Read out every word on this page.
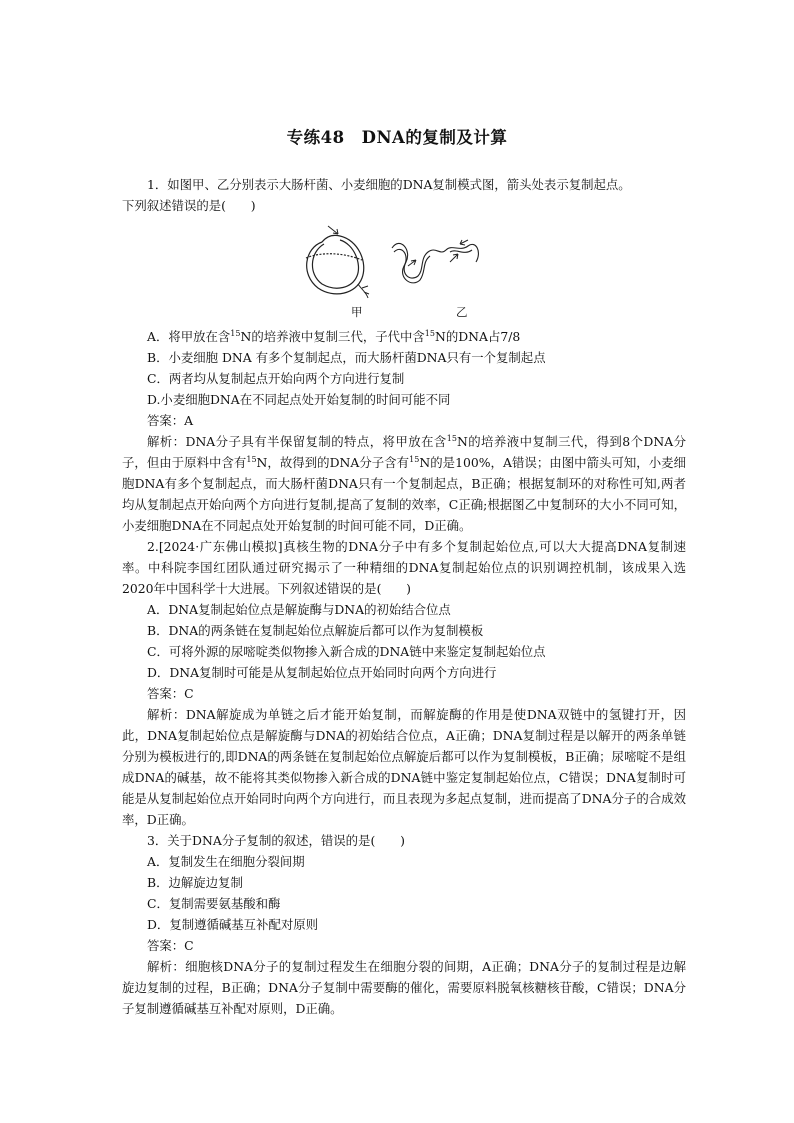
专练48　DNA的复制及计算

1．如图甲、乙分别表示大肠杆菌、小麦细胞的DNA复制模式图，箭头处表示复制起点。

下列叙述错误的是(　　)

甲	乙

A．将甲放在含$^{15}$N的培养液中复制三代，子代中含$^{15}$N的DNA占7/8

B．小麦细胞 DNA 有多个复制起点，而大肠杆菌DNA只有一个复制起点

C．两者均从复制起点开始向两个方向进行复制

D.小麦细胞DNA在不同起点处开始复制的时间可能不同

答案：A

解析：DNA分子具有半保留复制的特点，将甲放在含$^{15}$N的培养液中复制三代，得到8个DNA分子，但由于原料中含有$^{15}$N，故得到的DNA分子含有$^{15}$N的是100%，A错误；由图中箭头可知，小麦细胞DNA有多个复制起点，而大肠杆菌DNA只有一个复制起点，B正确；根据复制环的对称性可知,两者均从复制起点开始向两个方向进行复制,提高了复制的效率，C正确;根据图乙中复制环的大小不同可知，小麦细胞DNA在不同起点处开始复制的时间可能不同，D正确。

2.[2024·广东佛山模拟]真核生物的DNA分子中有多个复制起始位点,可以大大提高DNA复制速率。中科院李国红团队通过研究揭示了一种精细的DNA复制起始位点的识别调控机制，该成果入选2020年中国科学十大进展。下列叙述错误的是(　　)

A．DNA复制起始位点是解旋酶与DNA的初始结合位点

B．DNA的两条链在复制起始位点解旋后都可以作为复制模板

C．可将外源的尿嘧啶类似物掺入新合成的DNA链中来鉴定复制起始位点

D．DNA复制时可能是从复制起始位点开始同时向两个方向进行

答案：C

解析：DNA解旋成为单链之后才能开始复制，而解旋酶的作用是使DNA双链中的氢键打开，因此，DNA复制起始位点是解旋酶与DNA的初始结合位点，A正确；DNA复制过程是以解开的两条单链分别为模板进行的,即DNA的两条链在复制起始位点解旋后都可以作为复制模板，B正确；尿嘧啶不是组成DNA的碱基，故不能将其类似物掺入新合成的DNA链中鉴定复制起始位点，C错误；DNA复制时可能是从复制起始位点开始同时向两个方向进行，而且表现为多起点复制，进而提高了DNA分子的合成效率，D正确。

3．关于DNA分子复制的叙述，错误的是(　　)

A．复制发生在细胞分裂间期

B．边解旋边复制

C．复制需要氨基酸和酶

D．复制遵循碱基互补配对原则

答案：C

解析：细胞核DNA分子的复制过程发生在细胞分裂的间期，A正确；DNA分子的复制过程是边解旋边复制的过程，B正确；DNA分子复制中需要酶的催化，需要原料脱氧核糖核苷酸，C错误；DNA分子复制遵循碱基互补配对原则，D正确。
